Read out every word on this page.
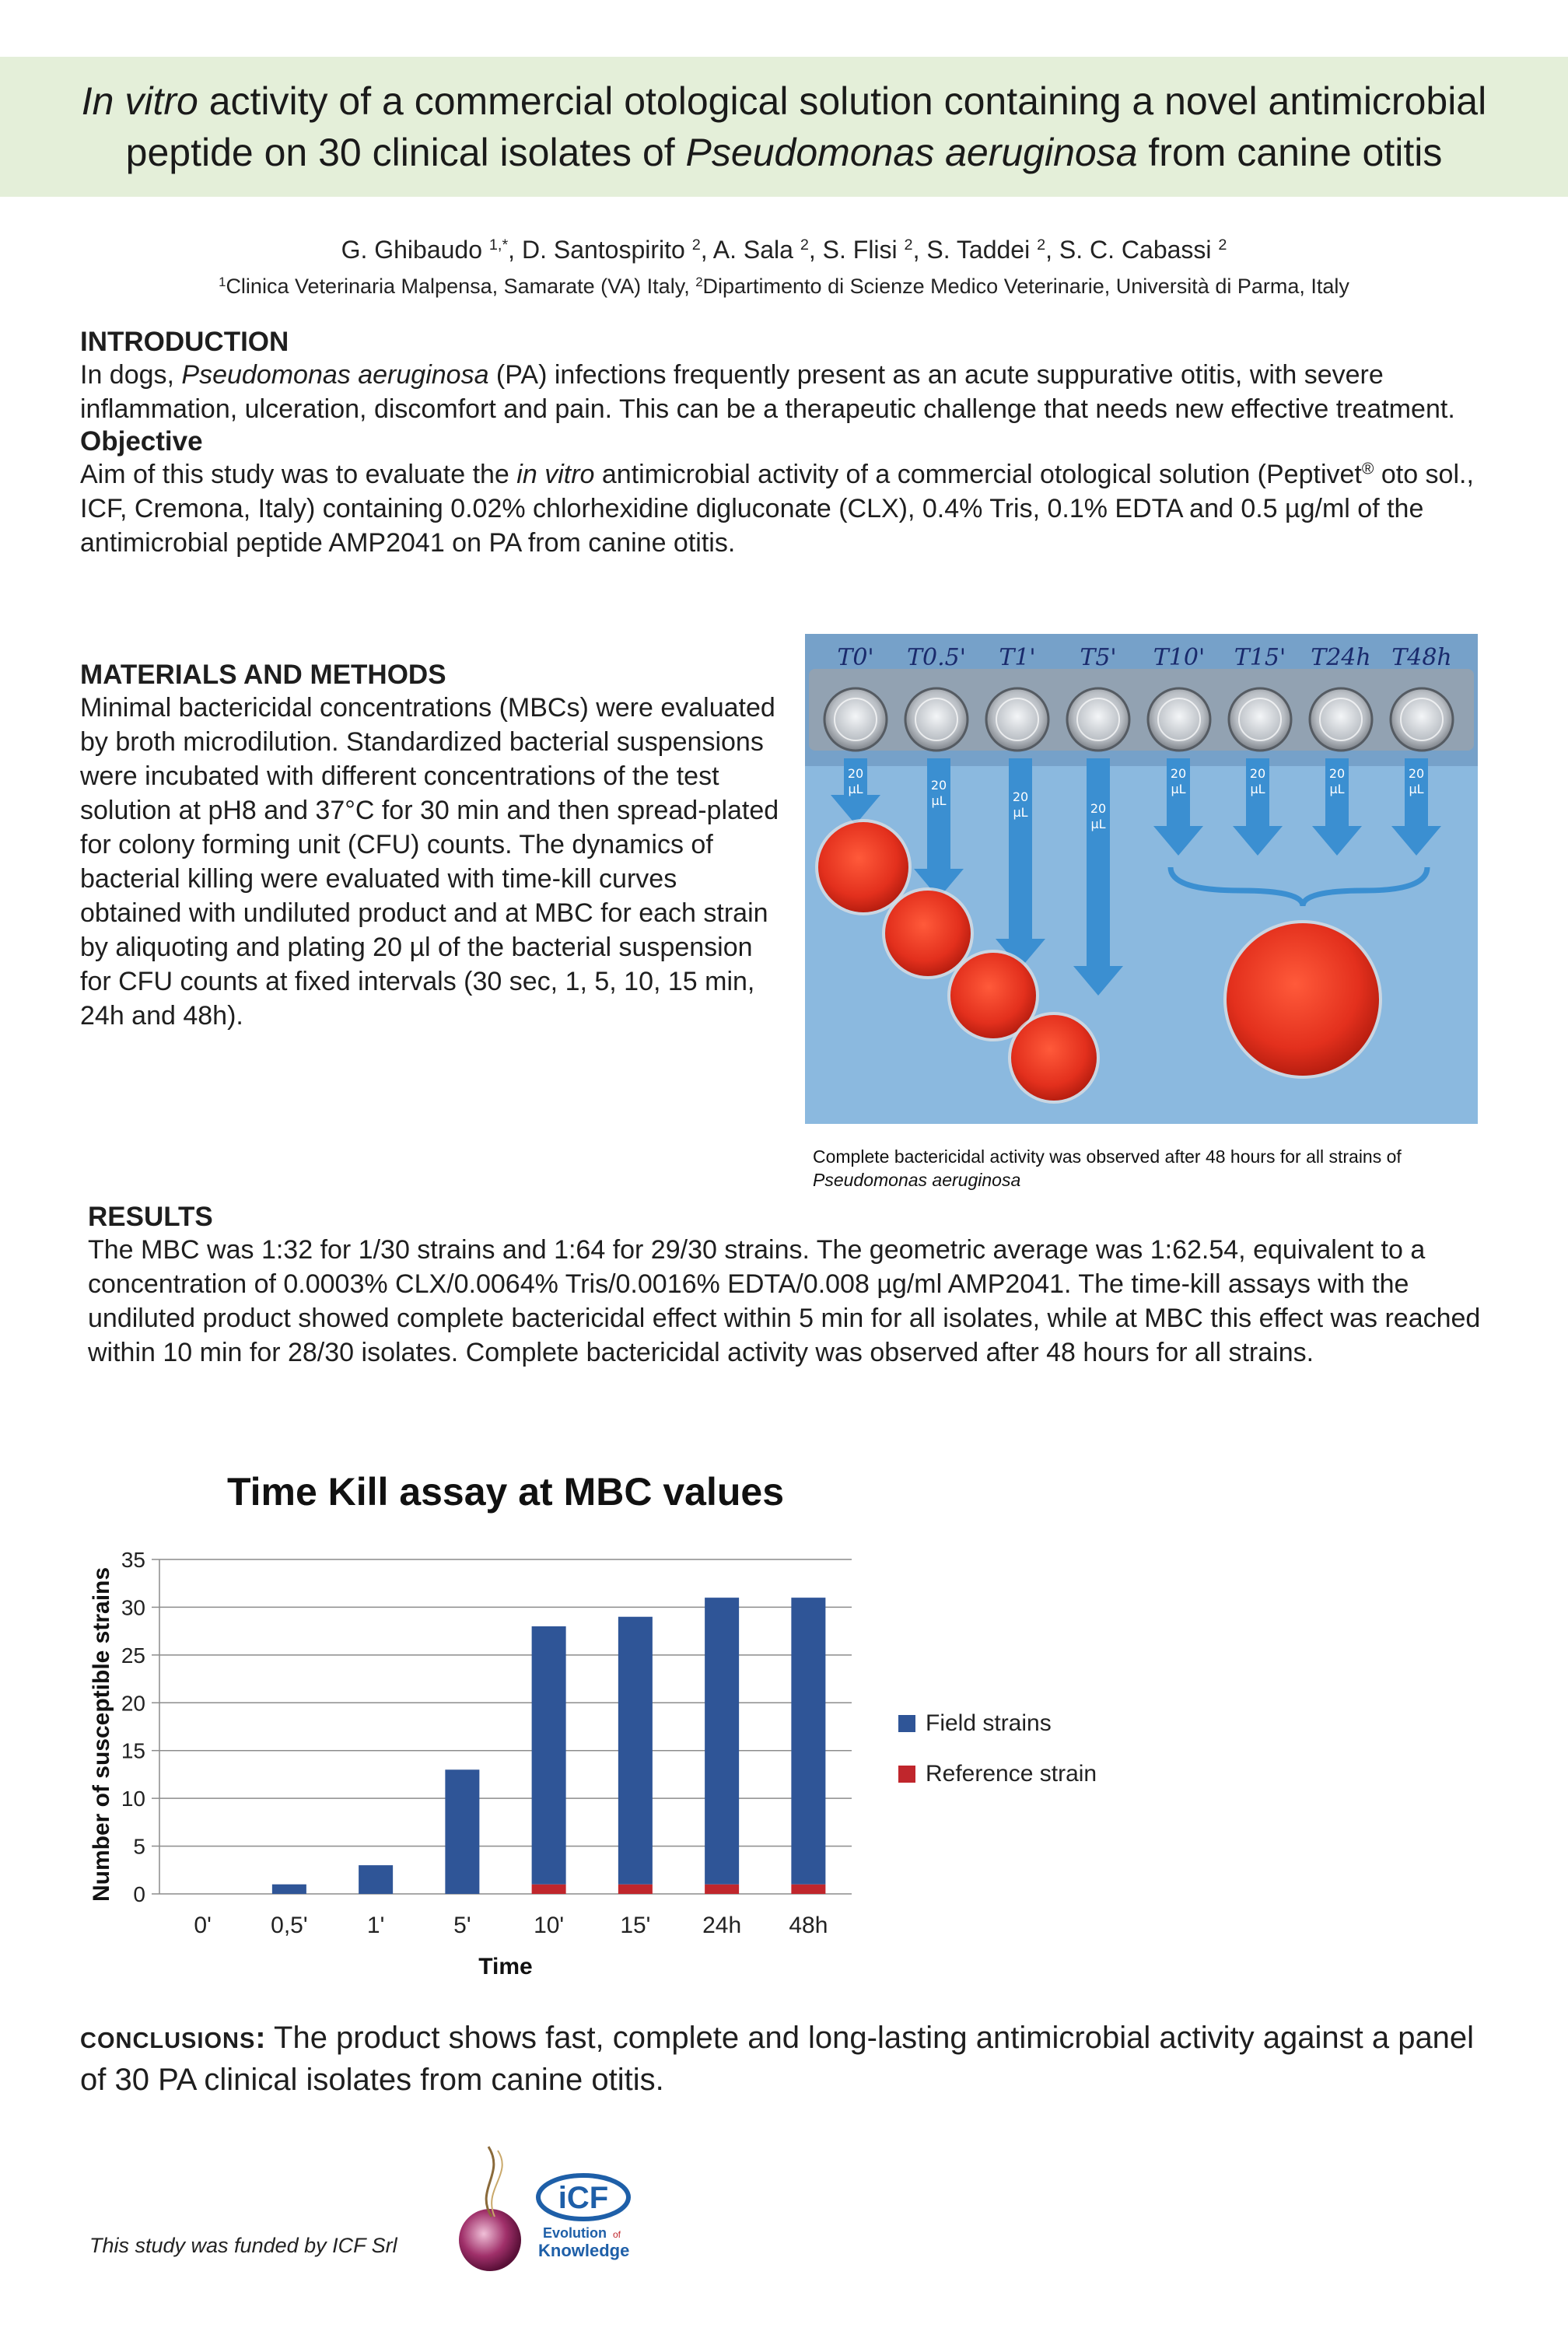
In vitro activity of a commercial otological solution containing a novel antimicrobial
peptide on 30 clinical isolates of Pseudomonas aeruginosa from canine otitis
G. Ghibaudo $^{1,*}$, D. Santospirito $^2$, A. Sala $^2$, S. Flisi $^2$, S. Taddei $^2$, S. C. Cabassi $^2$
$^1$Clinica Veterinaria Malpensa, Samarate (VA) Italy, $^2$Dipartimento di Scienze Medico Veterinarie, Università di Parma, Italy
INTRODUCTION
In dogs, Pseudomonas aeruginosa (PA) infections frequently present as an acute suppurative otitis, with severe inflammation, ulceration, discomfort and pain. This can be a therapeutic challenge that needs new effective treatment.
Objective
Aim of this study was to evaluate the in vitro antimicrobial activity of a commercial otological solution (Peptivet® oto sol., ICF, Cremona, Italy) containing 0.02% chlorhexidine digluconate (CLX), 0.4% Tris, 0.1% EDTA and 0.5 µg/ml of the antimicrobial peptide AMP2041 on PA from canine otitis.
MATERIALS AND METHODS
Minimal bactericidal concentrations (MBCs) were evaluated by broth microdilution. Standardized bacterial suspensions were incubated with different concentrations of the test solution at pH8 and 37°C for 30 min and then spread-plated for colony forming unit (CFU) counts. The dynamics of bacterial killing were evaluated with time-kill curves obtained with undiluted product and at MBC for each strain by aliquoting and plating 20 µl of the bacterial suspension for CFU counts at fixed intervals (30 sec, 1, 5, 10, 15 min, 24h and 48h).
T0' T0.5' T1' T5' T10' T15' T24h T48h
20
µL	20
µL	20
µL	20
µL
20
µL
20
µL
20
µL
20
µL
Complete bactericidal activity was observed after 48 hours for all strains of
Pseudomonas aeruginosa
RESULTS
The MBC was 1:32 for 1/30 strains and 1:64 for 29/30 strains. The geometric average was 1:62.54, equivalent to a concentration of 0.0003% CLX/0.0064% Tris/0.0016% EDTA/0.008 µg/ml AMP2041. The time-kill assays with the undiluted product showed complete bactericidal effect within 5 min for all isolates, while at MBC this effect was reached within 10 min for 28/30 isolates. Complete bactericidal activity was observed after 48 hours for all strains.
Time Kill assay at MBC values
0
5
10
15
20
25
30
35
0'	0,5'	1'	5'	10' 15' 24h 48h
Time
Number of susceptible strains	Field strains
Reference strain
CONCLUSIONS: The product shows fast, complete and long-lasting antimicrobial activity against a panel of 30 PA clinical isolates from canine otitis.
This study was funded by ICF Srl
iCF
Evolution of
Knowledge
